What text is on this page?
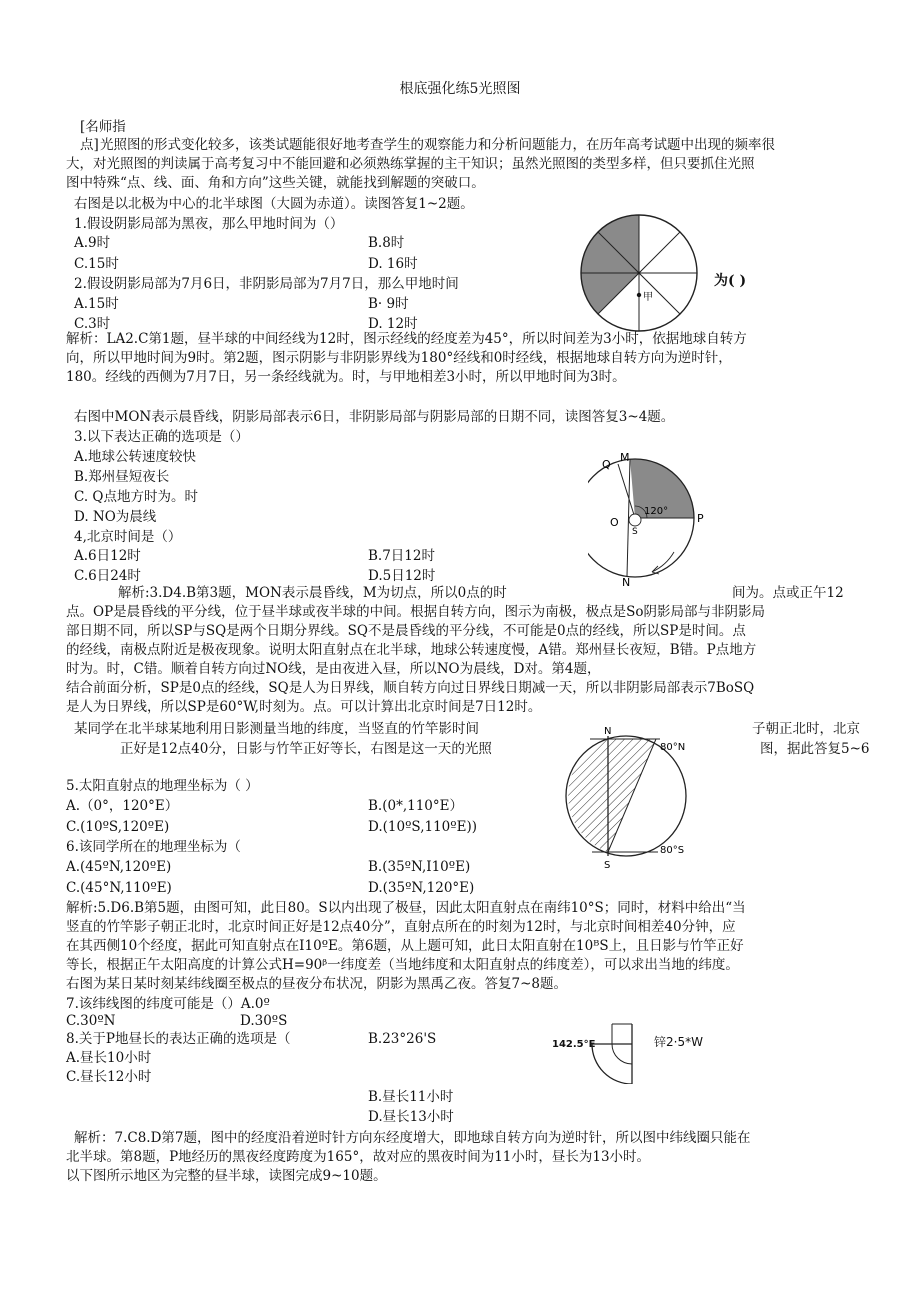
根底强化练5光照图
[名师指
点] 光照图的形式变化较多，该类试题能很好地考查学生的观察能力和分析问题能力，在历年高考试题中出现的频率很
大，对光照图的判读属于高考复习中不能回避和必须熟练掌握的主干知识；虽然光照图的类型多样，但只要抓住光照
图中特殊“点、线、面、角和方向”这些关键，就能找到解题的突破口。
右图是以北极为中心的北半球图（大圆为赤道）。读图答复1~2题。
1.假设阴影局部为黑夜，那么甲地时间为（）
A.9时	B.8时
C.15时	D. 16时
2.假设阴影局部为7月6日，非阴影局部为7月7日，那么甲地时间	为( )
A.15时	B· 9时
C.3时	D. 12时
甲
解析：LA2.C第1题，昼半球的中间经线为12时，图示经线的经度差为45°，所以时间差为3小时，依据地球自转方
向，所以甲地时间为9时。第2题，图示阴影与非阴影界线为180°经线和0时经线，根据地球自转方向为逆时针，
180。经线的西侧为7月7日，另一条经线就为。时，与甲地相差3小时，所以甲地时间为3时。
右图中MON表示晨昏线，阴影局部表示6日，非阴影局部与阴影局部的日期不同，读图答复3~4题。
3.以下表达正确的选项是（）
A.地球公转速度较快
B.郑州昼短夜长
C. Q点地方时为。时
D. NO为晨线
4,北京时间是（）
A.6日12时	B.7日12时
C.6日24时	D.5日12时
Q
M
P
O
S
N
120°
解析:3.D4.B第3题，MON表示晨昏线，M为切点，所以0点的时	间为。点或正午12
点。OP是晨昏线的平分线，位于昼半球或夜半球的中间。根据自转方向，图示为南极，极点是So阴影局部与非阴影局
部日期不同，所以SP与SQ是两个日期分界线。SQ不是晨昏线的平分线，不可能是0点的经线，所以SP是时间。点
的经线，南极点附近是极夜现象。说明太阳直射点在北半球，地球公转速度慢，A错。郑州昼长夜短，B错。P点地方
时为。时，C错。顺着自转方向过NO线，是由夜进入昼，所以NO为晨线，D对。第4题，
结合前面分析，SP是0点的经线，SQ是人为日界线，顺自转方向过日界线日期减一天，所以非阴影局部表示7BoSQ
是人为日界线，所以SP是60°W,时刻为。点。可以计算出北京时间是7日12时。
某同学在北半球某地利用日影测量当地的纬度，当竖直的竹竿影时间	子朝正北时，北京
正好是12点40分，日影与竹竿正好等长，右图是这一天的光照	图，据此答复5~6
N
S
80°N
80°S
5.太阳直射点的地理坐标为（ ）
A.（0°，120°E）	B.(0*,110°E）
C.(10ºS,120ºE)	D.(10ºS,110ºE))
6.该同学所在的地理坐标为（
A.(45ºN,120ºE)	B.(35ºN,I10ºE)
C.(45°N,110ºE)	D.(35ºN,120°E)
解析:5.D6.B第5题，由图可知，此日80。S以内出现了极昼，因此太阳直射点在南纬10°S；同时，材料中给出“当
竖直的竹竿影子朝正北时，北京时间正好是12点40分”，直射点所在的时刻为12时，与北京时间相差40分钟，应
在其西侧10个经度，据此可知直射点在I10ºE。第6题，从上题可知，此日太阳直射在10ᴮS上，且日影与竹竿正好
等长，根据正午太阳高度的计算公式H=90ᵝ一纬度差（当地纬度和太阳直射点的纬度差），可以求出当地的纬度。
右图为某日某时刻某纬线圈至极点的昼夜分布状况，阴影为黑禹乙夜。答复7~8题。
7.该纬线图的纬度可能是（）A.0º
C.30ºN	D.30ºS
8.关于P地昼长的表达正确的选项是（	B.23°26'S
A.昼长10小时
C.昼长12小时
B.昼长11小时
D.昼长13小时
142.5°E	锌2·5*W
解析：7.C8.D第7题，图中的经度沿着逆时针方向东经度增大，即地球自转方向为逆时针，所以图中纬线圈只能在
北半球。第8题，P地经历的黑夜经度跨度为165°，故对应的黑夜时间为11小时，昼长为13小时。
以下图所示地区为完整的昼半球，读图完成9~10题。
